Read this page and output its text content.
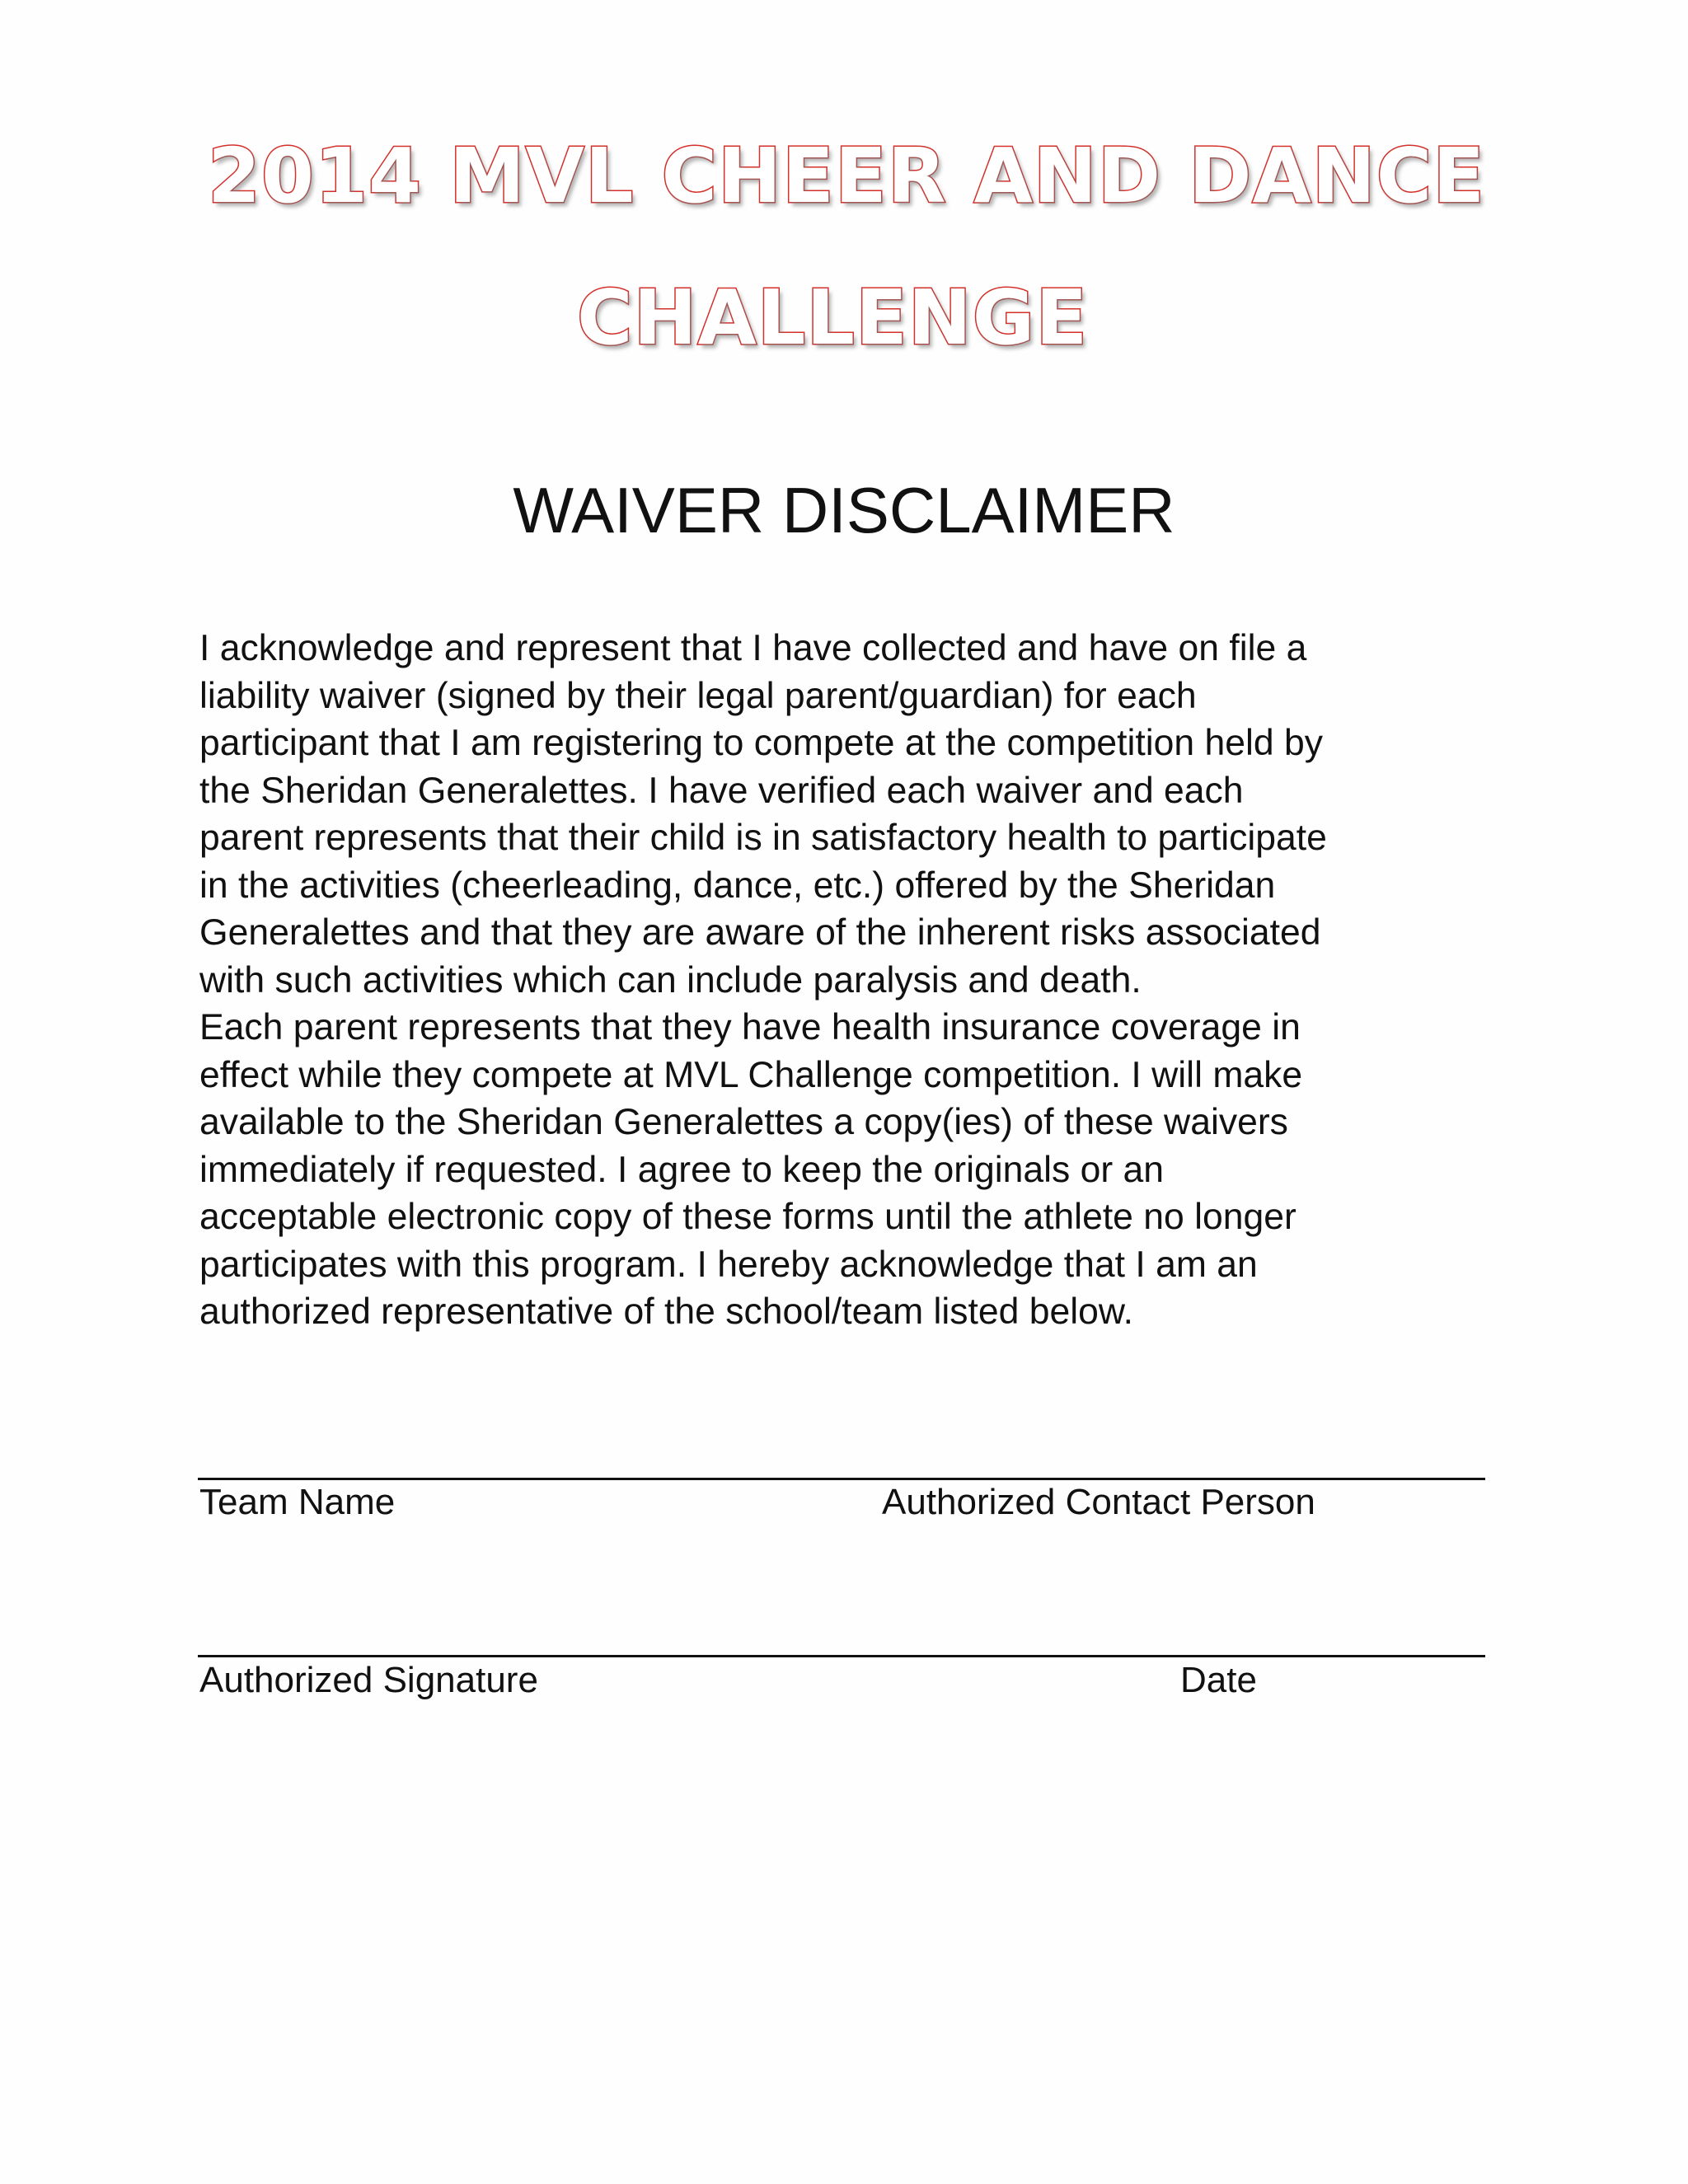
2014 MVL CHEER AND DANCE
CHALLENGE
WAIVER DISCLAIMER
I acknowledge and represent that I have collected and have on file a
liability waiver (signed by their legal parent/guardian) for each
participant that I am registering to compete at the competition held by
the Sheridan Generalettes. I have verified each waiver and each
parent represents that their child is in satisfactory health to participate
in the activities (cheerleading, dance, etc.) offered by the Sheridan
Generalettes and that they are aware of the inherent risks associated
with such activities which can include paralysis and death.
Each parent represents that they have health insurance coverage in
effect while they compete at MVL Challenge competition. I will make
available to the Sheridan Generalettes a copy(ies) of these waivers
immediately if requested. I agree to keep the originals or an
acceptable electronic copy of these forms until the athlete no longer
participates with this program. I hereby acknowledge that I am an
authorized representative of the school/team listed below.
Team Name	Authorized Contact Person
Authorized Signature	Date
